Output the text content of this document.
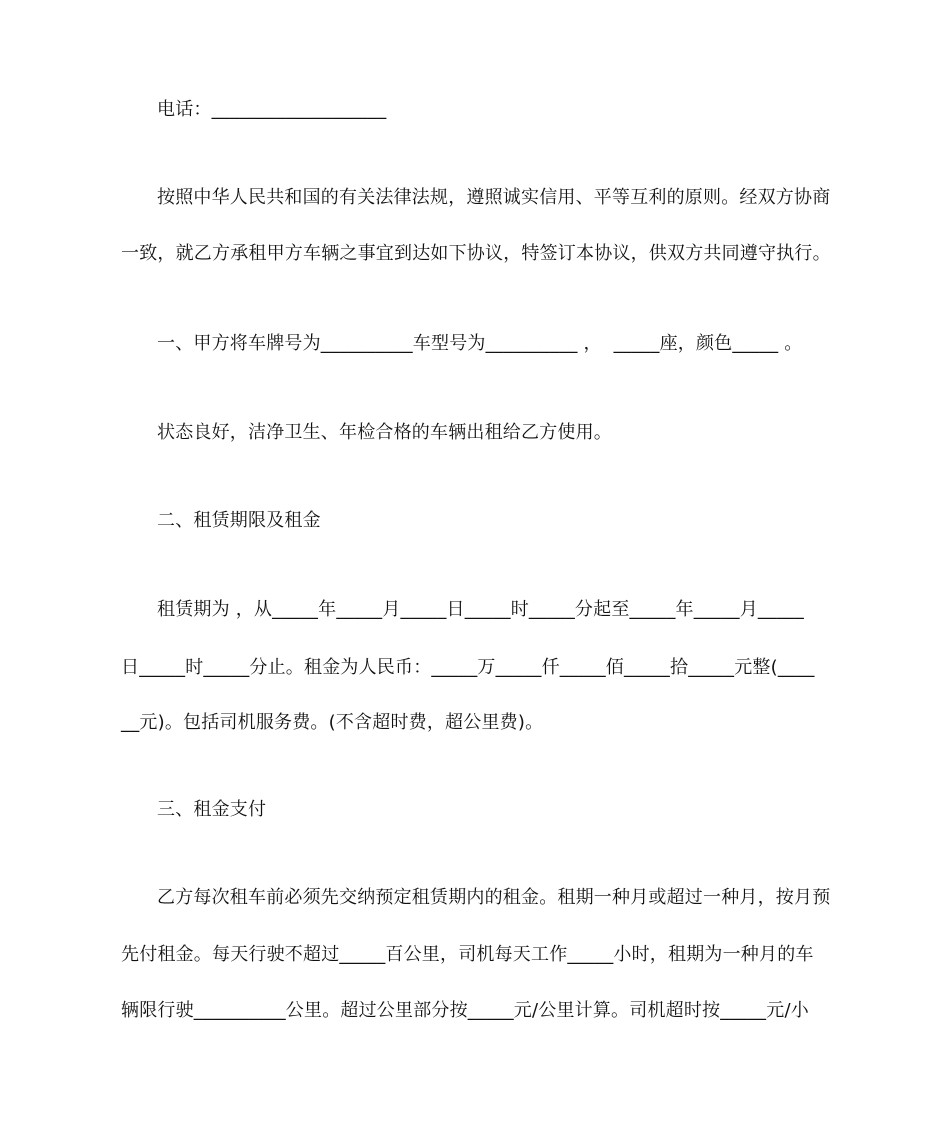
电话：___________________
按照中华人民共和国的有关法律法规，遵照诚实信用、平等互利的原则。经双方协商
一致，就乙方承租甲方车辆之事宜到达如下协议，特签订本协议，供双方共同遵守执行。
一、甲方将车牌号为__________车型号为__________ ，  _____座，颜色_____ 。
状态良好，洁净卫生、年检合格的车辆出租给乙方使用。
二、租赁期限及租金
租赁期为 ，从_____年_____月_____日_____时_____分起至_____年_____月_____
日_____时_____分止。租金为人民币：_____万_____仟_____佰_____拾_____元整(____
__元)。包括司机服务费。(不含超时费，超公里费)。
三、租金支付
乙方每次租车前必须先交纳预定租赁期内的租金。租期一种月或超过一种月，按月预
先付租金。每天行驶不超过_____百公里，司机每天工作_____小时，租期为一种月的车
辆限行驶__________公里。超过公里部分按_____元/公里计算。司机超时按_____元/小
